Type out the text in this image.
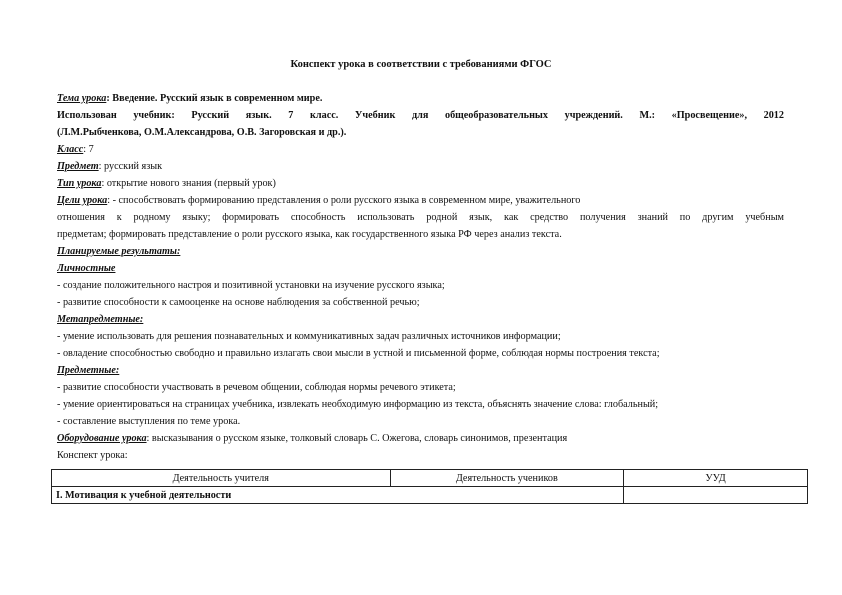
Конспект урока в соответствии с требованиями ФГОС
Тема урока: Введение. Русский язык в современном мире.
Использован учебник: Русский язык. 7 класс. Учебник для общеобразовательных учреждений. М.: «Просвещение», 2012
(Л.М.Рыбченкова, О.М.Александрова, О.В. Загоровская и др.).
Класс: 7
Предмет: русский язык
Тип урока: открытие нового знания (первый урок)
Цели урока: - способствовать формированию представления о роли русского языка в современном мире, уважительного
отношения к родному языку; формировать способность использовать родной язык, как средство получения знаний по другим учебным
предметам; формировать представление о роли русского языка, как государственного языка РФ через анализ текста.
Планируемые результаты:
Личностные
- создание положительного настроя и позитивной установки на изучение русского языка;
- развитие способности к самооценке на основе наблюдения за собственной речью;
Метапредметные:
- умение использовать для решения познавательных и коммуникативных задач различных источников информации;
- овладение способностью свободно и правильно излагать свои мысли в устной и письменной форме, соблюдая нормы построения текста;
Предметные:
- развитие способности участвовать в речевом общении, соблюдая нормы речевого этикета;
- умение ориентироваться на страницах учебника, извлекать необходимую информацию из текста, объяснять значение слова: глобальный;
- составление выступления по теме урока.
Оборудование урока: высказывания о русском языке, толковый словарь С. Ожегова, словарь синонимов, презентация
Конспект урока:
Деятельность учителя	Деятельность учеников	УУД
I. Мотивация к учебной деятельности		
